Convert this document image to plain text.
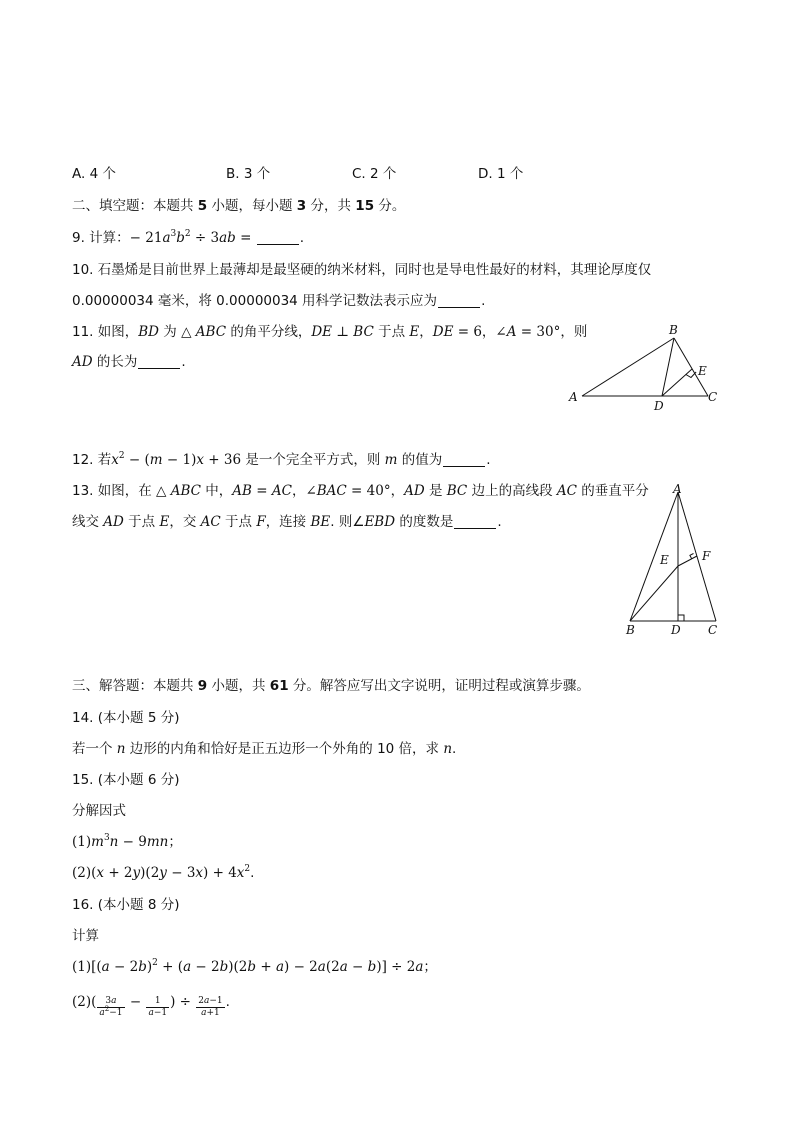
A. 4 个	B. 3 个	C. 2 个	D. 1 个
二、填空题：本题共 5 小题，每小题 3 分，共 15 分。
9. 计算：− $21a^3b^2 \div 3ab$ =	.
10. 石墨烯是目前世界上最薄却是最坚硬的纳米材料，同时也是导电性最好的材料，其理论厚度仅
0.00000034 毫米，将 0.00000034 用科学记数法表示应为	.
11. 如图，BD 为 △ ABC 的角平分线，DE ⊥ BC 于点 E，DE = 6，∠A = 30°，则
AD 的长为	.
A
B
C
D
E
12. 若$x^2 - (m - 1)x + 36$ 是一个完全平方式，则 m 的值为	.
13. 如图，在 △ ABC 中，AB = AC，∠BAC = 40°，AD 是 BC 边上的高线段 AC 的垂直平分
线交 AD 于点 E，交 AC 于点 F，连接 BE. 则∠EBD 的度数是	.
A
B	C
D
E	F
三、解答题：本题共 9 小题，共 61 分。解答应写出文字说明，证明过程或演算步骤。
14. (本小题 5 分)
若一个 n 边形的内角和恰好是正五边形一个外角的 10 倍，求 n.
15. (本小题 6 分)
分解因式
$(1)m^3n - 9mn$；
$(2)(x + 2y)(2y - 3x) + 4x^2$.
16. (本小题 8 分)
计算
$(1)[(a - 2b)^2 + (a - 2b)(2b + a) - 2a(2a - b)] \div 2a$；
$(2)( \frac{3a}{a^2-1} - \frac{1}{a-1}$ ) ÷ $\frac{2a-1}{a+1}$ .
